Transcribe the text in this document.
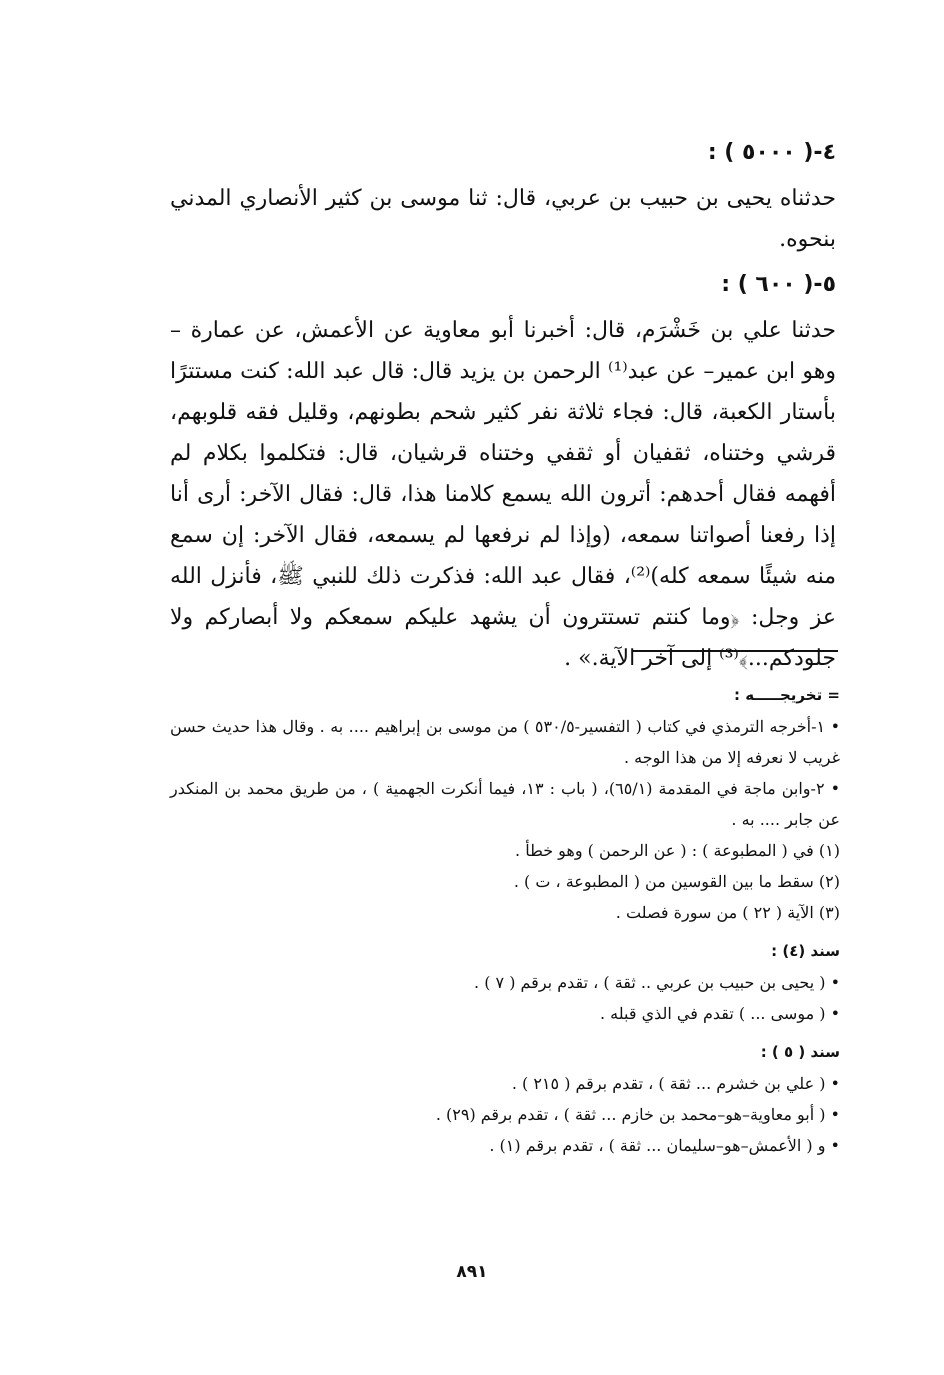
٤-( ٥٠٠٠ ) :

حدثناه يحيى بن حبيب بن عربي، قال: ثنا موسى بن كثير الأنصاري المدني بنحوه.

٥-( ٦٠٠ ) :

حدثنا علي بن خَشْرَم، قال: أخبرنا أبو معاوية عن الأعمش، عن عمارة –وهو ابن عمير– عن عبد⁽¹⁾ الرحمن بن يزيد قال: قال عبد الله: كنت مستترًا بأستار الكعبة، قال: فجاء ثلاثة نفر كثير شحم بطونهم، وقليل فقه قلوبهم، قرشي وختناه، ثقفيان أو ثقفي وختناه قرشيان، قال: فتكلموا بكلام لم أفهمه فقال أحدهم: أترون الله يسمع كلامنا هذا، قال: فقال الآخر: أرى أنا إذا رفعنا أصواتنا سمعه، (وإذا لم نرفعها لم يسمعه، فقال الآخر: إن سمع منه شيئًا سمعه كله)⁽²⁾، فقال عبد الله: فذكرت ذلك للنبي ﷺ، فأنزل الله عز وجل: ﴿وما كنتم تستترون أن يشهد عليكم سمعكم ولا أبصاركم ولا جلودكم...﴾⁽³⁾ إلى آخر الآية.» .

= تخريجـــــه :

• ١-أخرجه الترمذي في كتاب ( التفسير-٥٣٠/٥ ) من موسى بن إبراهيم .... به . وقال هذا حديث حسن غريب لا نعرفه إلا من هذا الوجه .

• ٢-وابن ماجة في المقدمة (٦٥/١)، ( باب : ١٣، فيما أنكرت الجهمية ) ، من طريق محمد بن المنكدر عن جابر .... به .

(١) في ( المطبوعة ) : ( عن الرحمن ) وهو خطأ .

(٢) سقط ما بين القوسين من ( المطبوعة ، ت ) .

(٣) الآية ( ٢٢ ) من سورة فصلت .

سند (٤) :

• ( يحيى بن حبيب بن عربي .. ثقة ) ، تقدم برقم ( ٧ ) .

• ( موسى ... ) تقدم في الذي قبله .

سند ( ٥ ) :

• ( علي بن خشرم ... ثقة ) ، تقدم برقم ( ٢١٥ ) .

• ( أبو معاوية–هو–محمد بن خازم ... ثقة ) ، تقدم برقم (٢٩) .

• و ( الأعمش–هو–سليمان ... ثقة ) ، تقدم برقم (١) .

٨٩١
